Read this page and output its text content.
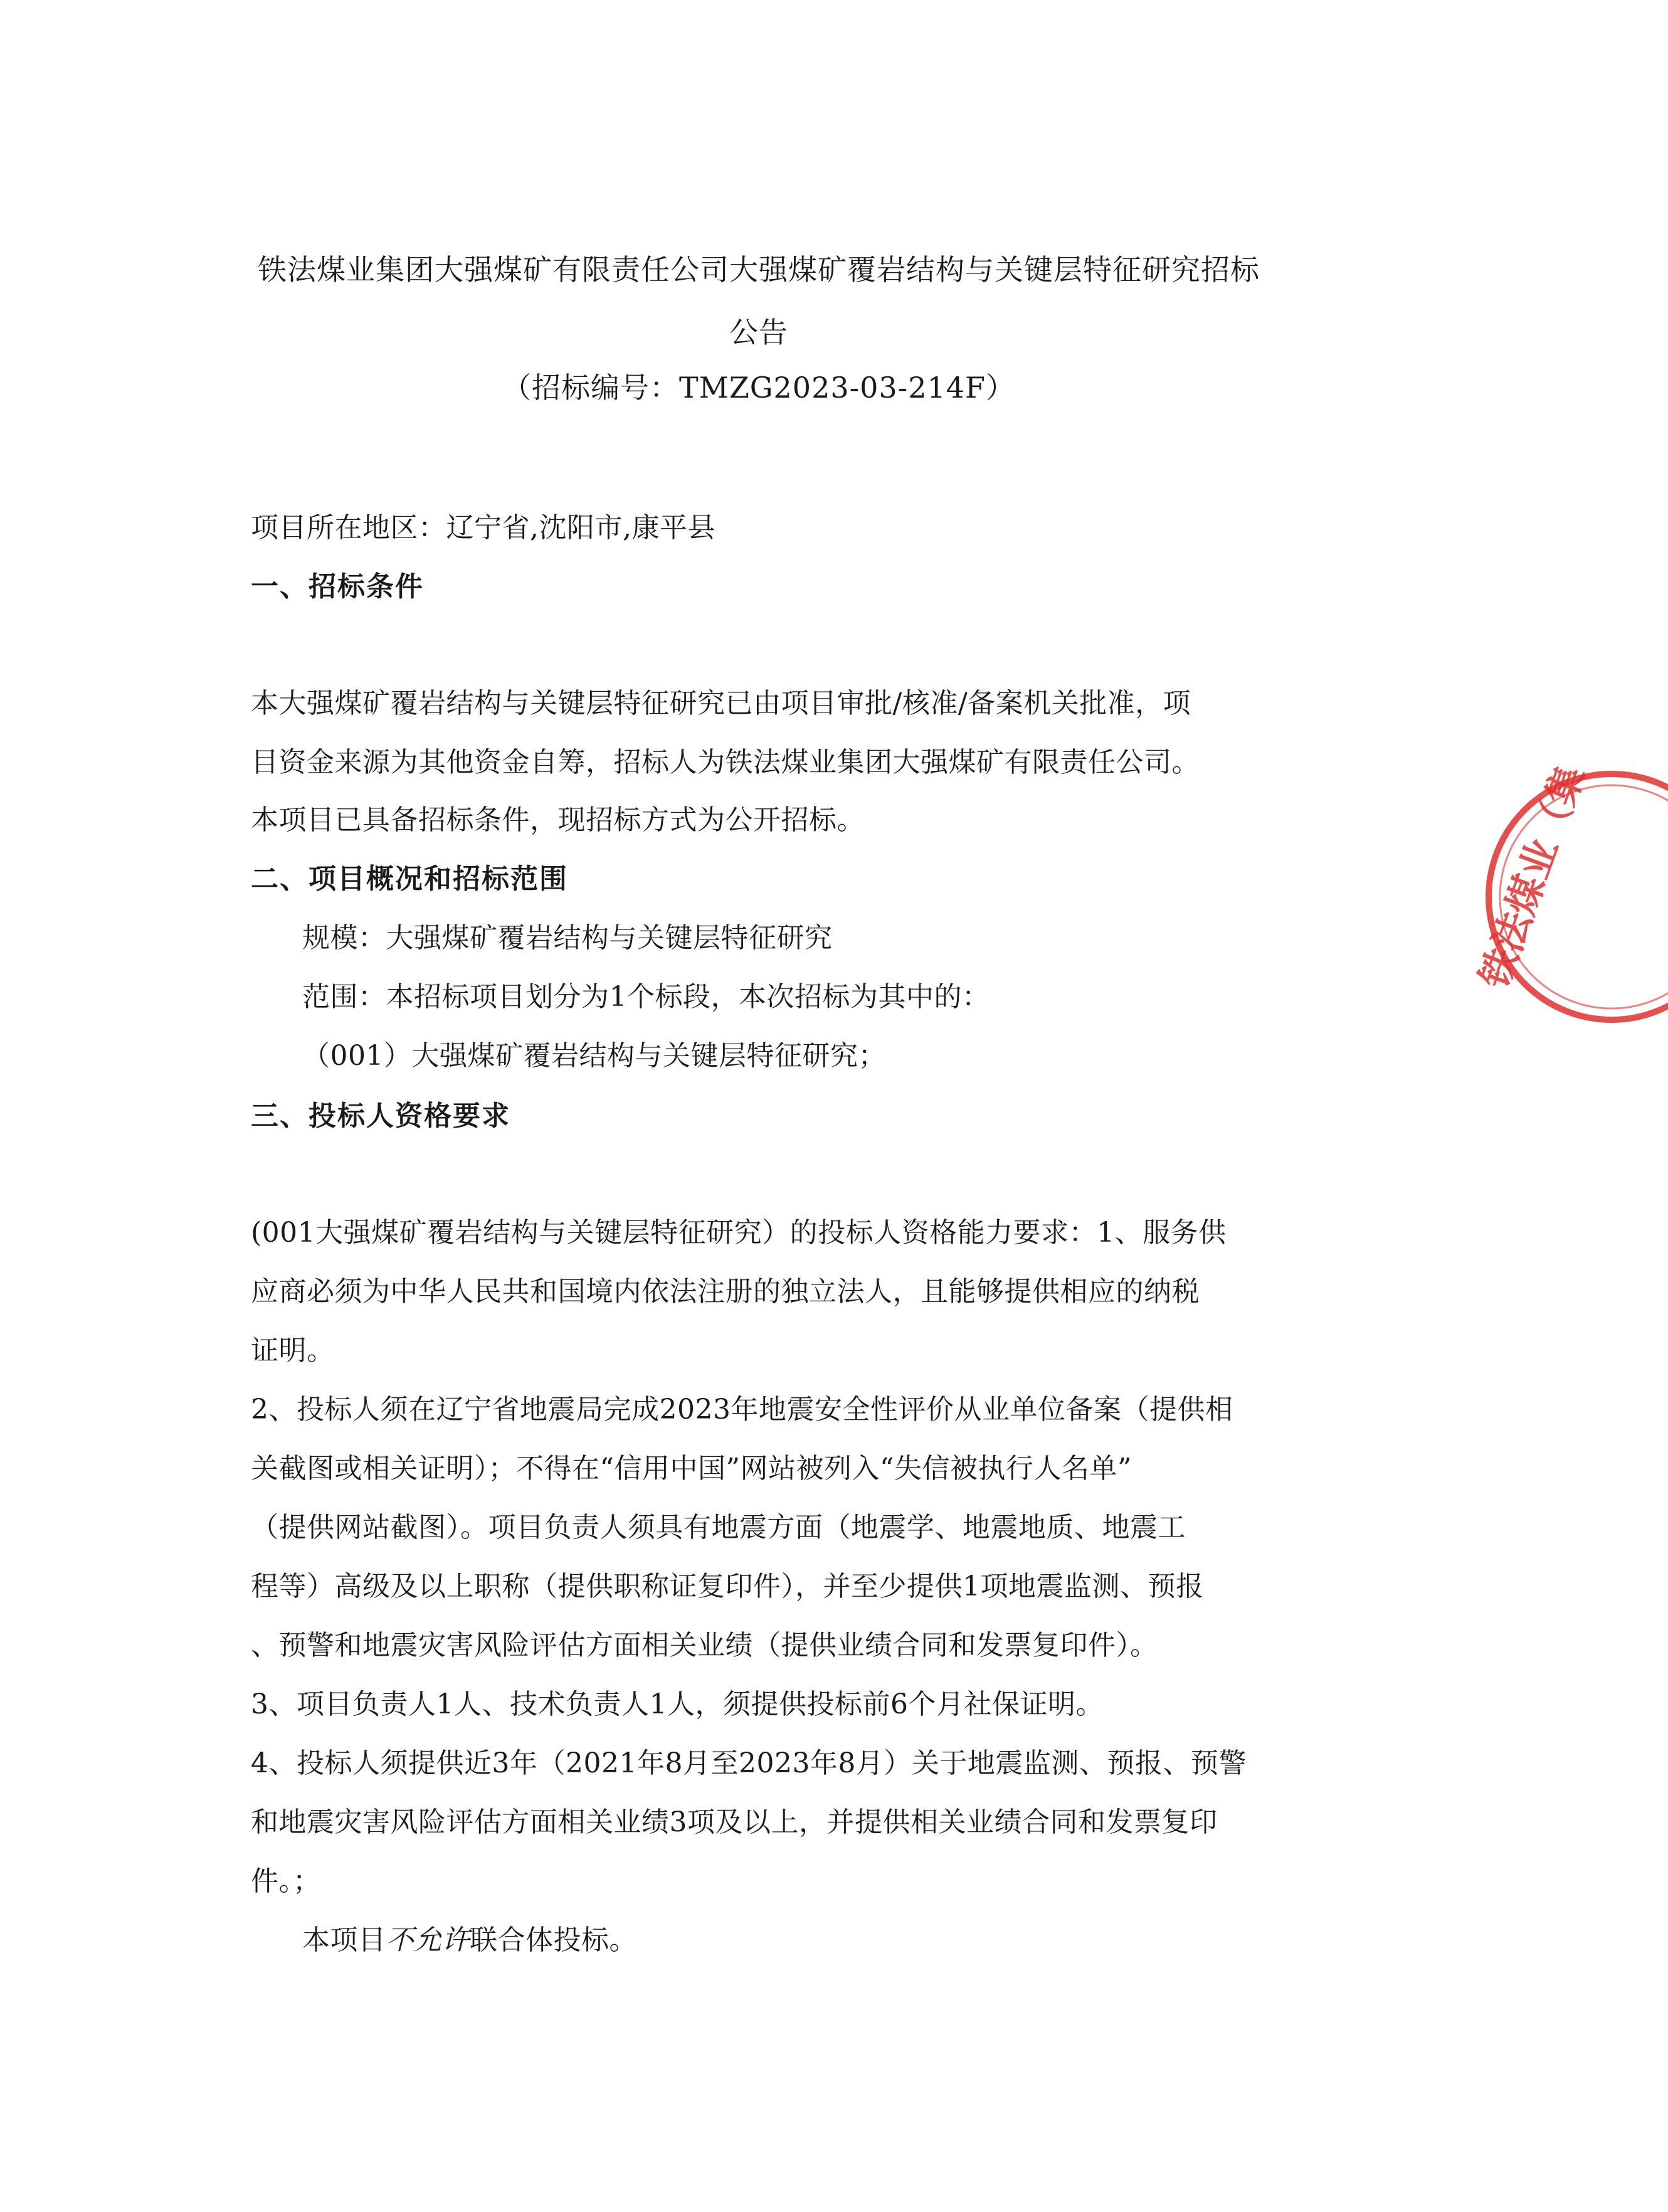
铁法煤业集团大强煤矿有限责任公司大强煤矿覆岩结构与关键层特征研究招标
公告
（招标编号：TMZG2023-03-214F）
项目所在地区：辽宁省,沈阳市,康平县
一、招标条件
本大强煤矿覆岩结构与关键层特征研究已由项目审批/核准/备案机关批准，项
目资金来源为其他资金自筹，招标人为铁法煤业集团大强煤矿有限责任公司。
本项目已具备招标条件，现招标方式为公开招标。
二、项目概况和招标范围
规模：大强煤矿覆岩结构与关键层特征研究
范围：本招标项目划分为1个标段，本次招标为其中的：
（001）大强煤矿覆岩结构与关键层特征研究；
三、投标人资格要求
(001大强煤矿覆岩结构与关键层特征研究）的投标人资格能力要求：1、服务供
应商必须为中华人民共和国境内依法注册的独立法人，且能够提供相应的纳税
证明。
2、投标人须在辽宁省地震局完成2023年地震安全性评价从业单位备案（提供相
关截图或相关证明）；不得在“信用中国”网站被列入“失信被执行人名单”
（提供网站截图）。项目负责人须具有地震方面（地震学、地震地质、地震工
程等）高级及以上职称（提供职称证复印件），并至少提供1项地震监测、预报
、预警和地震灾害风险评估方面相关业绩（提供业绩合同和发票复印件）。
3、项目负责人1人、技术负责人1人，须提供投标前6个月社保证明。
4、投标人须提供近3年（2021年8月至2023年8月）关于地震监测、预报、预警
和地震灾害风险评估方面相关业绩3项及以上，并提供相关业绩合同和发票复印
件。；
本项目不允许联合体投标。
铁法煤业（集
